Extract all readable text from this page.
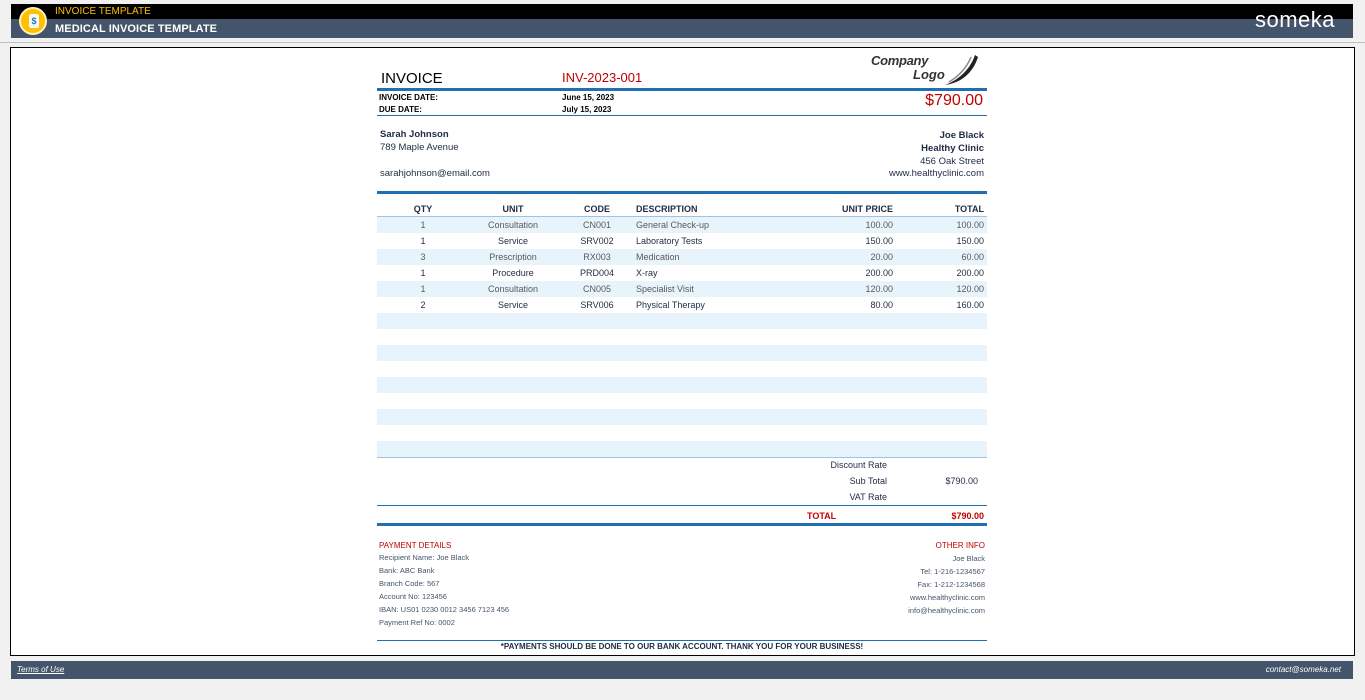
$
INVOICE TEMPLATE
MEDICAL INVOICE TEMPLATE	someka
INVOICE	INV-2023-001
Company
Logo
INVOICE DATE:	June 15, 2023
DUE DATE:	July 15, 2023
$790.00
Sarah Johnson
789 Maple Avenue
sarahjohnson@email.com
Joe Black
Healthy Clinic
456 Oak Street
www.healthyclinic.com
QTY	UNIT	CODE	DESCRIPTION	UNIT PRICE	TOTAL
1	Consultation	CN001	General Check-up	100.00	100.00
1	Service	SRV002	Laboratory Tests	150.00	150.00
3	Prescription	RX003	Medication	20.00	60.00
1	Procedure	PRD004	X-ray	200.00	200.00
1	Consultation	CN005	Specialist Visit	120.00	120.00
2	Service	SRV006	Physical Therapy	80.00	160.00
Discount Rate
Sub Total	$790.00
VAT Rate
TOTAL	$790.00
PAYMENT DETAILS
Recipient Name: Joe Black
Bank: ABC Bank
Branch Code: 567
Account No: 123456
IBAN: US01 0230 0012 3456 7123 456
Payment Ref No: 0002
OTHER INFO
Joe Black
Tel: 1-216-1234567
Fax: 1-212-1234568
www.healthyclinic.com
info@healthyclinic.com
*PAYMENTS SHOULD BE DONE TO OUR BANK ACCOUNT. THANK YOU FOR YOUR BUSINESS!
Terms of Use	contact@someka.net
